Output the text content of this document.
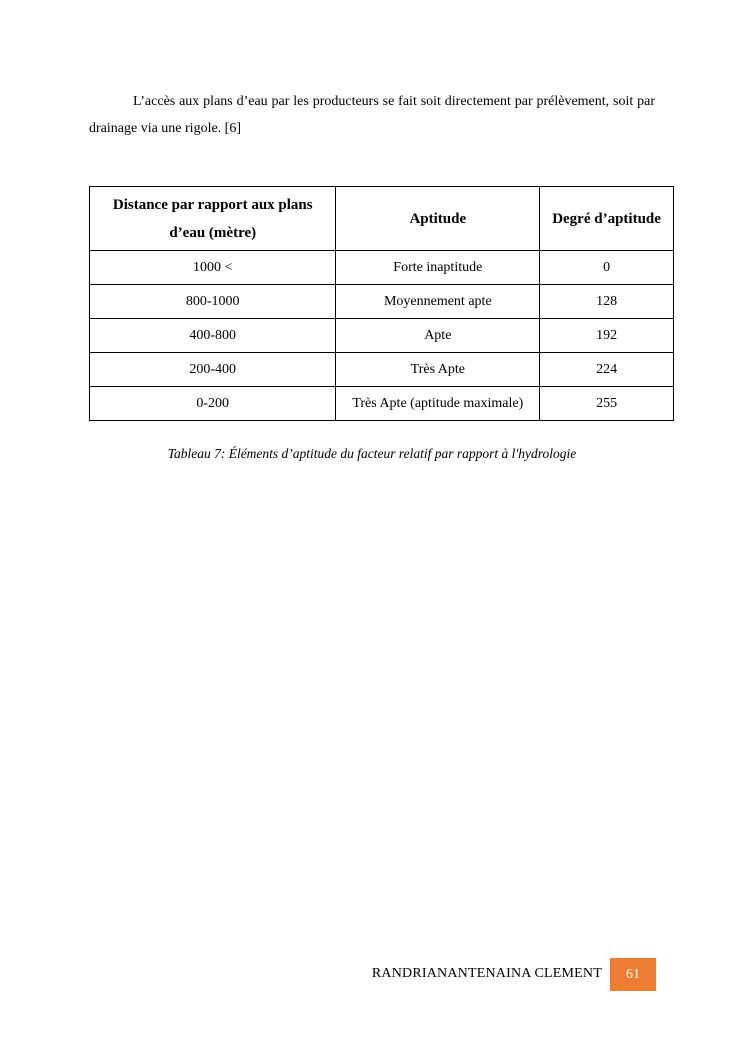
L’accès aux plans d’eau par les producteurs se fait soit directement par prélèvement, soit par drainage via une rigole. [6]

Distance par rapport aux plans d’eau (mètre)	Aptitude	Degré d’aptitude
1000 <	Forte inaptitude	0
800-1000	Moyennement apte	128
400-800	Apte	192
200-400	Très Apte	224
0-200	Très Apte (aptitude maximale)	255
Tableau 7: Éléments d’aptitude du facteur relatif par rapport à l'hydrologie
RANDRIANANTENAINA CLEMENT	61
